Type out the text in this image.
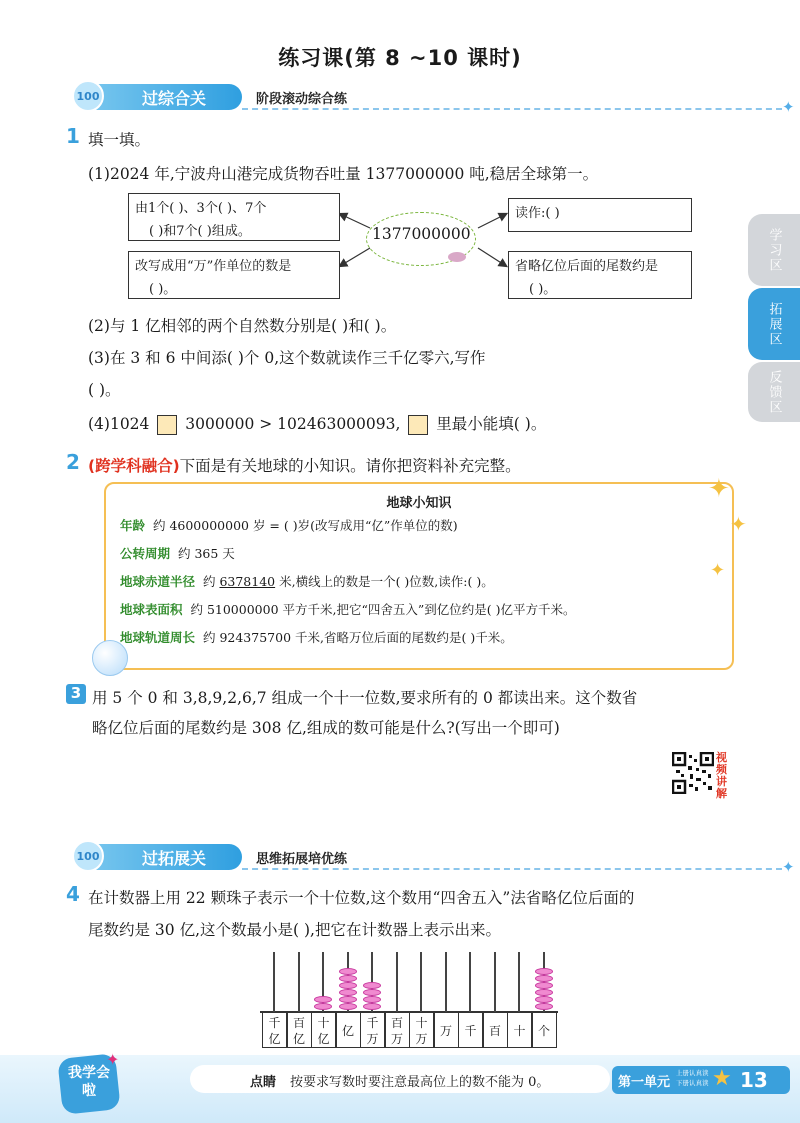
练习课(第 8 ~10 课时)
100	过综合关	阶段滚动综合练	✦
学习区
拓展区
反馈区
1 填一填。
(1)2024 年,宁波舟山港完成货物吞吐量 1377000000 吨,稳居全球第一。
由1个( )、3个( )、7个
( )和7个( )组成。
改写成用“万”作单位的数是
( )。
1377000000
读作:( )
省略亿位后面的尾数约是
( )。
(2)与 1 亿相邻的两个自然数分别是( )和( )。
(3)在 3 和 6 中间添( )个 0,这个数就读作三千亿零六,写作
( )。
(4)1024 3000000 > 102463000093, 里最小能填( )。
2 (跨学科融合)下面是有关地球的小知识。请你把资料补充完整。
地球小知识
年龄 约 4600000000 岁 = ( )岁(改写成用“亿”作单位的数)
公转周期 约 365 天
地球赤道半径 约 6378140 米,横线上的数是一个( )位数,读作:( )。
地球表面积 约 510000000 平方千米,把它“四舍五入”到亿位约是( )亿平方千米。
地球轨道周长 约 924375700 千米,省略万位后面的尾数约是( )千米。
✦
✦
✦
3 用 5 个 0 和 3,8,9,2,6,7 组成一个十一位数,要求所有的 0 都读出来。这个数省
略亿位后面的尾数约是 308 亿,组成的数可能是什么?(写出一个即可)
视频讲解
100	过拓展关	思维拓展培优练	✦
4 在计数器上用 22 颗珠子表示一个十位数,这个数用“四舍五入”法省略亿位后面的
尾数约是 30 亿,这个数最小是( ),把它在计数器上表示出来。
千亿
百亿
十亿
亿
千万
百万
十万
万	千	百	十	个
我学会啦
✦
点睛 按要求写数时要注意最高位上的数不能为 0。	第一单元
上册认真读
下册认真读 ★ 13
